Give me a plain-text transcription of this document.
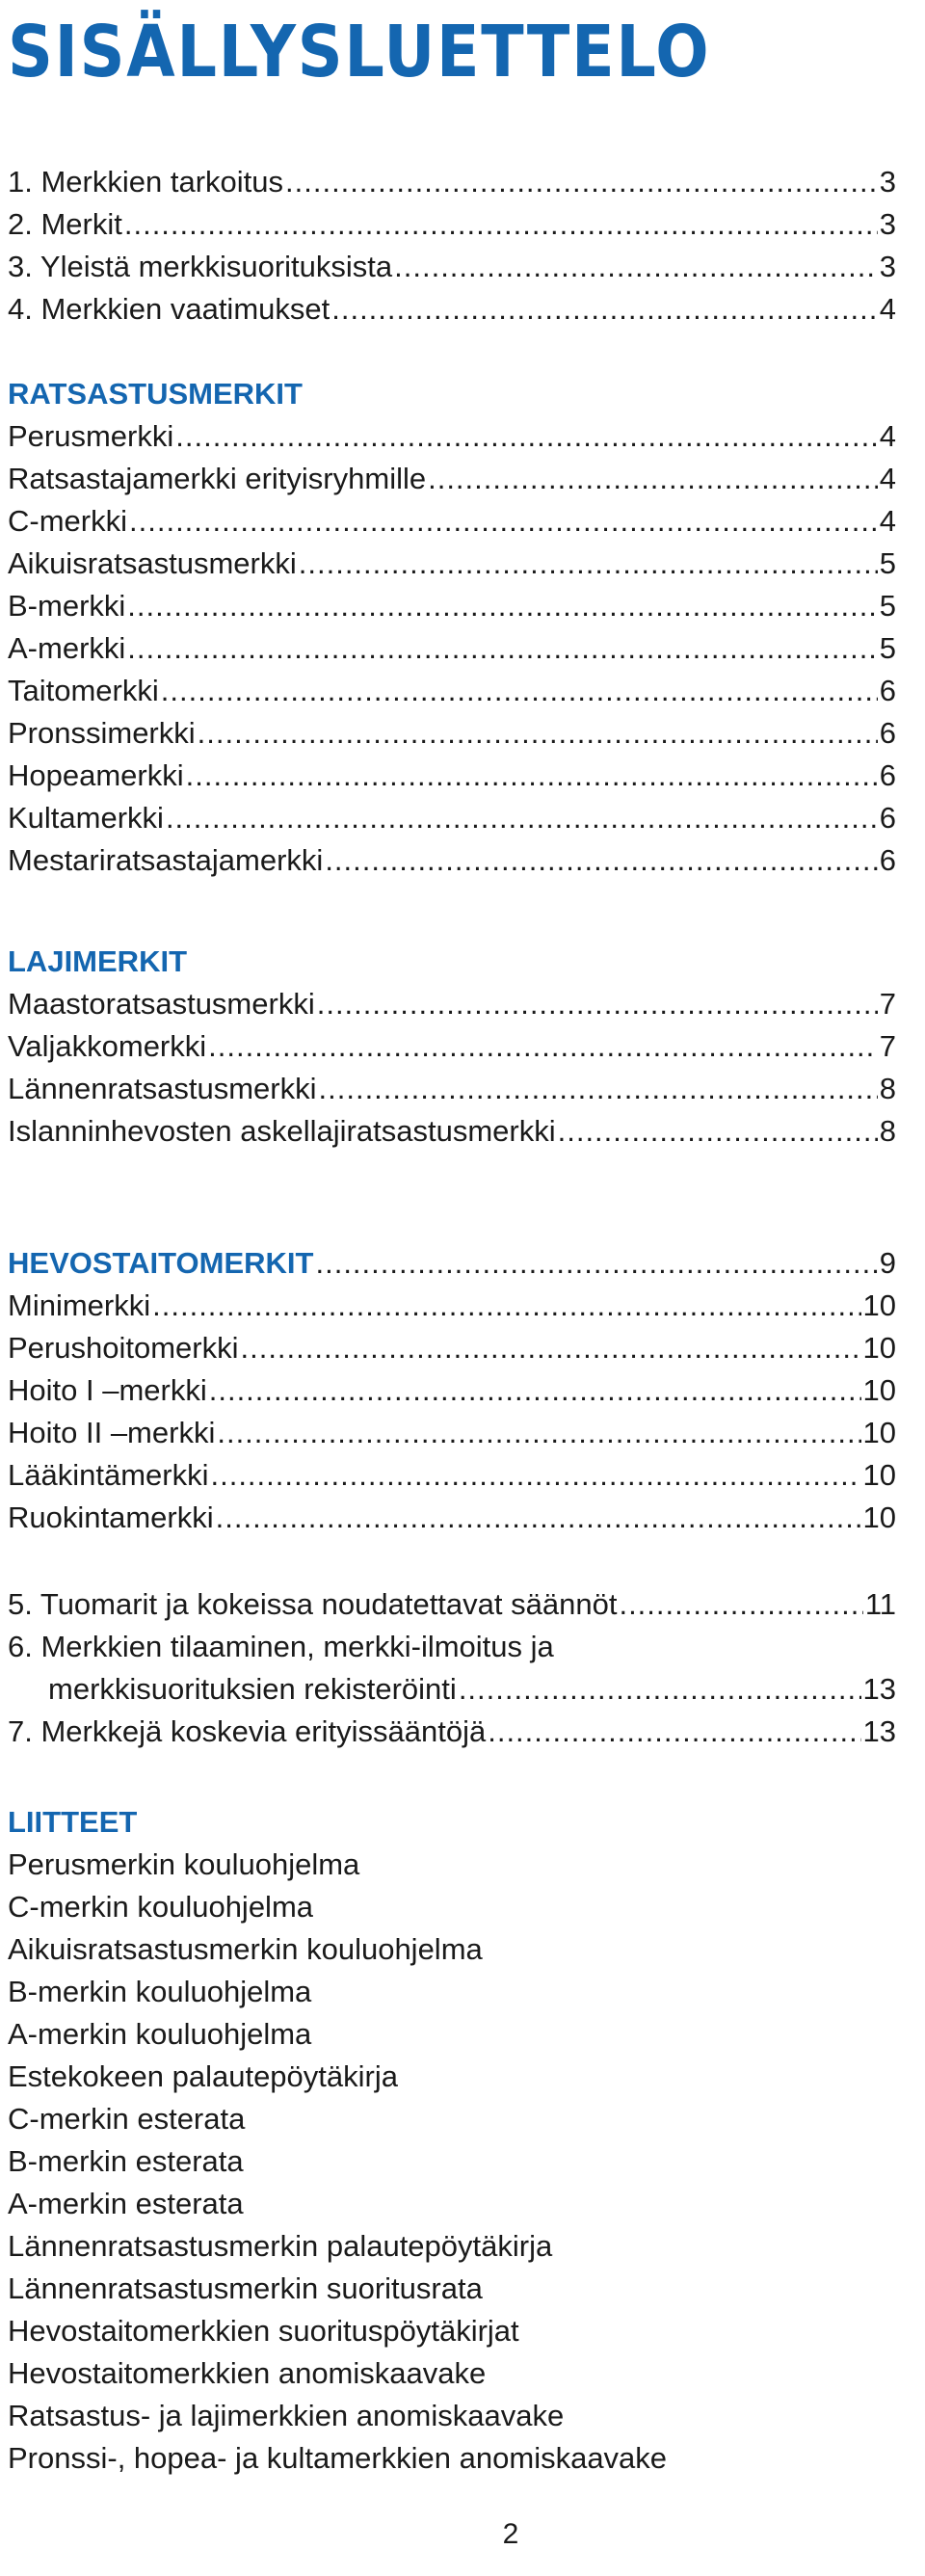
SISÄLLYSLUETTELO
1. Merkkien tarkoitus .....	3
2. Merkit .....	3
3. Yleistä merkkisuorituksista .....	3
4. Merkkien vaatimukset .....	4
RATSASTUSMERKIT
Perusmerkki .....	4
Ratsastajamerkki erityisryhmille .....	4
C-merkki .....	4
Aikuisratsastusmerkki .....	5
B-merkki .....	5
A-merkki .....	5
Taitomerkki .....	6
Pronssimerkki .....	6
Hopeamerkki .....	6
Kultamerkki .....	6
Mestariratsastajamerkki .....	6
LAJIMERKIT
Maastoratsastusmerkki .....	7
Valjakkomerkki .....	7
Lännenratsastusmerkki .....	8
Islanninhevosten askellajiratsastusmerkki .....	8
HEVOSTAITOMERKIT .....	9
Minimerkki .....	10
Perushoitomerkki .....	10
Hoito I –merkki .....	10
Hoito II –merkki .....	10
Lääkintämerkki .....	10
Ruokintamerkki .....	10
5. Tuomarit ja kokeissa noudatettavat säännöt .....	11
6. Merkkien tilaaminen, merkki-ilmoitus ja
merkkisuorituksien rekisteröinti .....	13
7. Merkkejä koskevia erityissääntöjä .....	13
LIITTEET
Perusmerkin kouluohjelma
C-merkin kouluohjelma
Aikuisratsastusmerkin kouluohjelma
B-merkin kouluohjelma
A-merkin kouluohjelma
Estekokeen palautepöytäkirja
C-merkin esterata
B-merkin esterata
A-merkin esterata
Lännenratsastusmerkin palautepöytäkirja
Lännenratsastusmerkin suoritusrata
Hevostaitomerkkien suorituspöytäkirjat
Hevostaitomerkkien anomiskaavake
Ratsastus- ja lajimerkkien anomiskaavake
Pronssi-, hopea- ja kultamerkkien anomiskaavake
2
